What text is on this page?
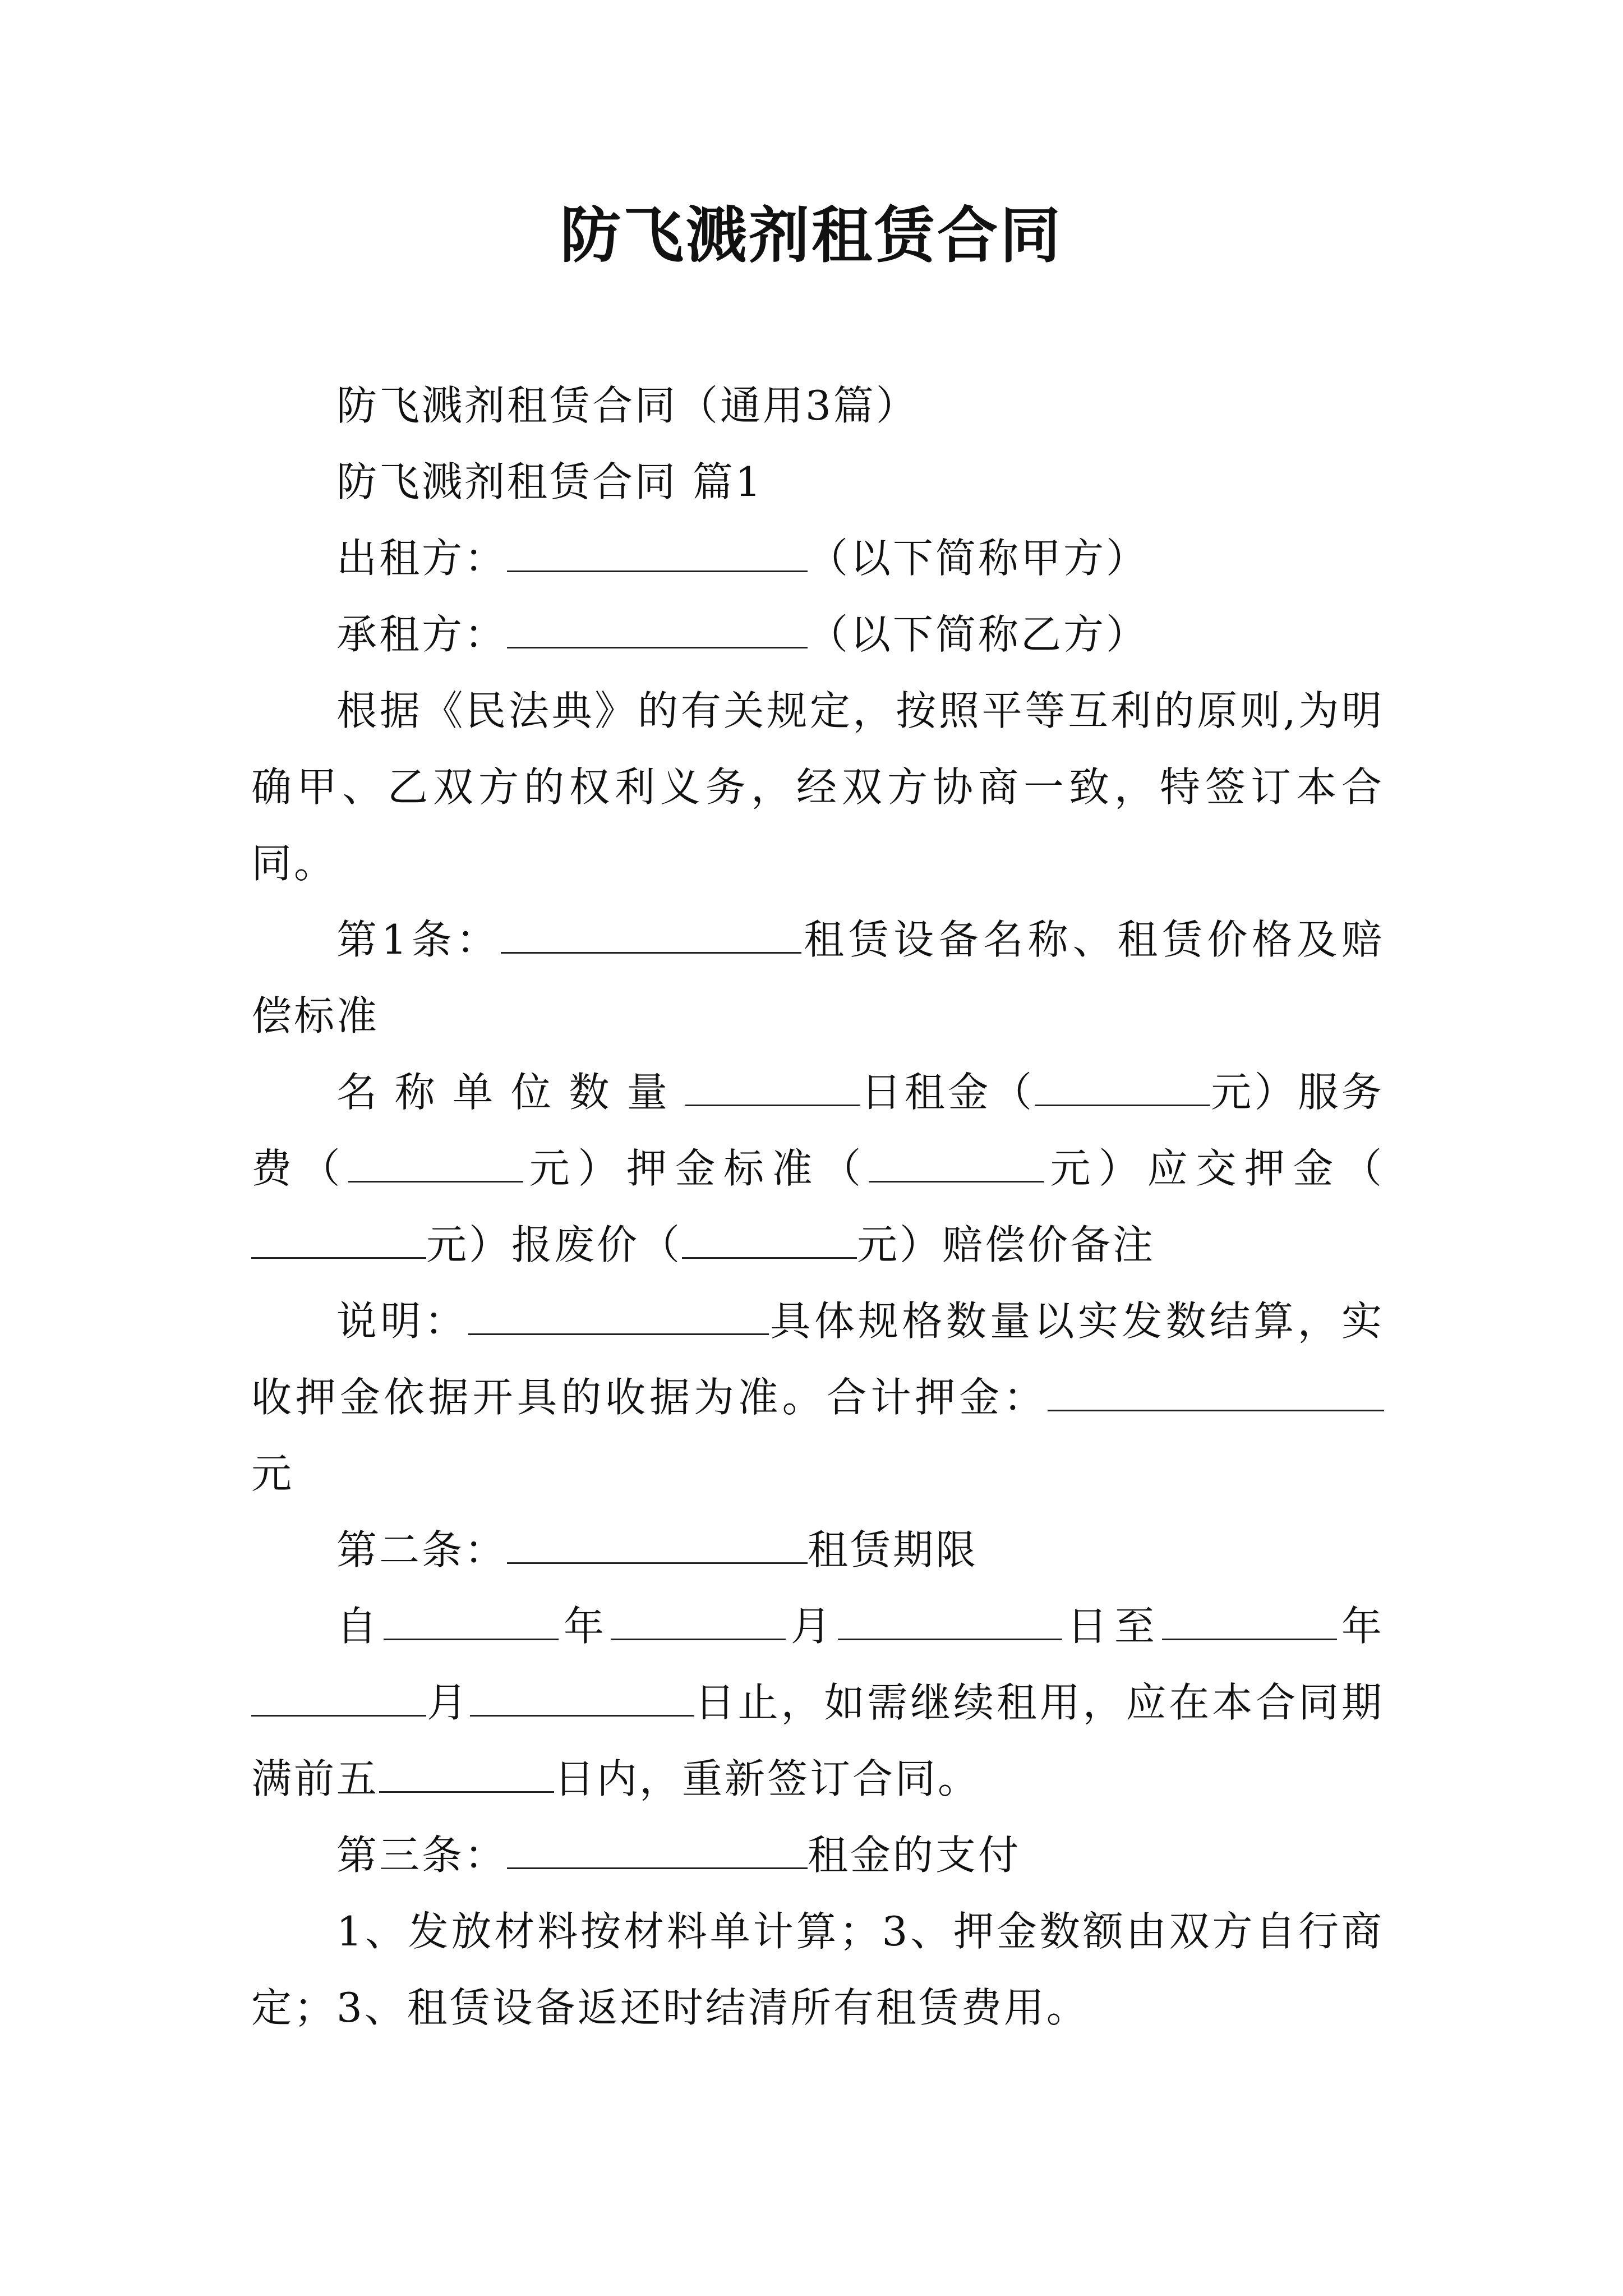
防飞溅剂租赁合同

防飞溅剂租赁合同（通用3篇）

防飞溅剂租赁合同 篇1

出租方：	（以下简称甲方）

承租方：	（以下简称乙方）

根据《民法典》的有关规定，按照平等互利的原则,为明确甲、乙双方的权利义务，经双方协商一致，特签订本合同。

第1条：	租赁设备名称、租赁价格及赔偿标准

名称单位数量	日租金（	元）服务费（	元）押金标准（	元）应交押金（元）报废价（	元）赔偿价备注

说明：	具体规格数量以实发数结算，实收押金依据开具的收据为准。合计押金：元

第二条：	租赁期限

自	年	月	日至	年月	日止，如需继续租用，应在本合同期满前五	日内，重新签订合同。

第三条：	租金的支付

1、发放材料按材料单计算；3、押金数额由双方自行商定；3、租赁设备返还时结清所有租赁费用。
